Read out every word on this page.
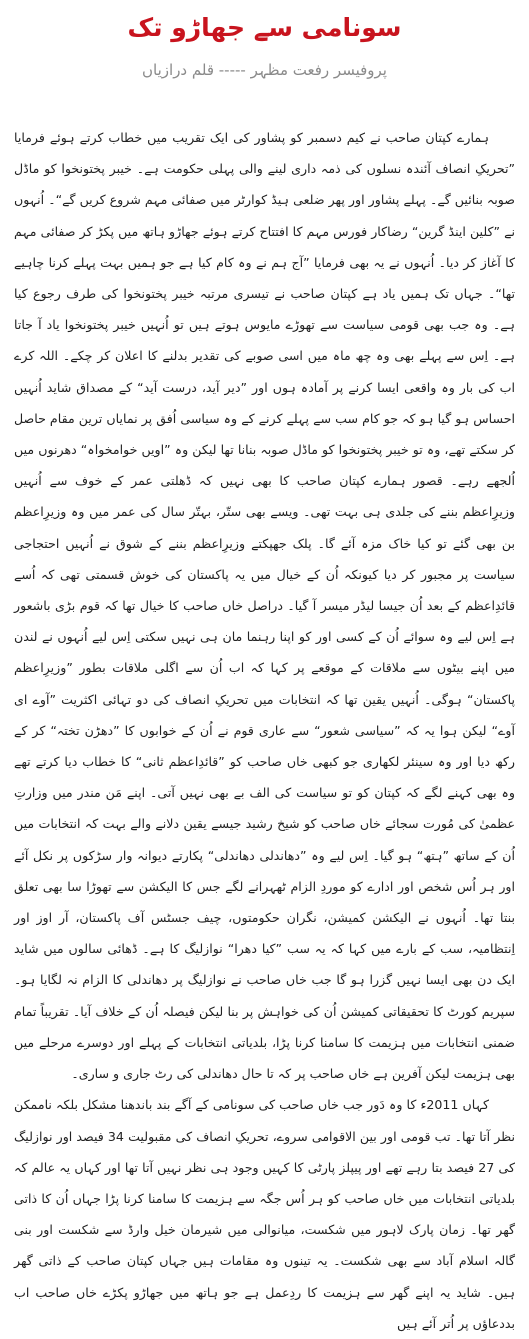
سونامی سے جھاڑو تک
پروفیسر رفعت مظہر ----- قلم درازیاں

ہمارے کپتان صاحب نے کیم دسمبر کو پشاور کی ایک تقریب میں خطاب کرتے ہوئے فرمایا ”تحریکِ انصاف آئندہ نسلوں کی ذمہ داری لینے والی پہلی حکومت ہے۔ خیبر پختونخوا کو ماڈل صوبہ بنائیں گے۔ پہلے پشاور اور پھر ضلعی ہیڈ کوارٹر میں صفائی مہم شروع کریں گے“۔ اُنہوں نے ”کلین اینڈ گرین“ رضاکار فورس مہم کا افتتاح کرتے ہوئے جھاڑو ہاتھ میں پکڑ کر صفائی مہم کا آغاز کر دیا۔ اُنہوں نے یہ بھی فرمایا ”آج ہم نے وہ کام کیا ہے جو ہمیں بہت پہلے کرنا چاہیے تھا“۔ جہاں تک ہمیں یاد ہے کپتان صاحب نے تیسری مرتبہ خیبر پختونخوا کی طرف رجوع کیا ہے۔ وہ جب بھی قومی سیاست سے تھوڑے مایوس ہوتے ہیں تو اُنہیں خیبر پختونخوا یاد آ جاتا ہے۔ اِس سے پہلے بھی وہ چھ ماہ میں اسی صوبے کی تقدیر بدلنے کا اعلان کر چکے۔ اللہ کرے اب کی بار وہ واقعی ایسا کرنے پر آمادہ ہوں اور ”دیر آید، درست آید“ کے مصداق شاید اُنہیں احساس ہو گیا ہو کہ جو کام سب سے پہلے کرنے کے وہ سیاسی اُفق پر نمایاں ترین مقام حاصل کر سکتے تھے، وہ تو خیبر پختونخوا کو ماڈل صوبہ بنانا تھا لیکن وہ ”اویں خوامخواہ“ دھرنوں میں اُلجھے رہے۔ قصور ہمارے کپتان صاحب کا بھی نہیں کہ ڈھلتی عمر کے خوف سے اُنہیں وزیرِاعظم بننے کی جلدی ہی بہت تھی۔ ویسے بھی ستّر، بہتّر سال کی عمر میں وہ وزیرِاعظم بن بھی گئے تو کیا خاک مزہ آئے گا۔ پلک جھپکتے وزیرِاعظم بننے کے شوق نے اُنہیں احتجاجی سیاست پر مجبور کر دیا کیونکہ اُن کے خیال میں یہ پاکستان کی خوش قسمتی تھی کہ اُسے قائدِاعظم کے بعد اُن جیسا لیڈر میسر آ گیا۔ دراصل خاں صاحب کا خیال تھا کہ قوم بڑی باشعور ہے اِس لیے وہ سوائے اُن کے کسی اور کو اپنا رہنما مان ہی نہیں سکتی اِس لیے اُنہوں نے لندن میں اپنے بیٹوں سے ملاقات کے موقعے پر کہا کہ اب اُن سے اگلی ملاقات بطور ”وزیرِاعظم پاکستان“ ہوگی۔ اُنہیں یقین تھا کہ انتخابات میں تحریکِ انصاف کی دو تہائی اکثریت ”آوے ای آوے“ لیکن ہوا یہ کہ ”سیاسی شعور“ سے عاری قوم نے اُن کے خوابوں کا ”دھڑن تختہ“ کر کے رکھ دیا اور وہ سینئر لکھاری جو کبھی خاں صاحب کو ”قائدِاعظم ثانی“ کا خطاب دیا کرتے تھے وہ بھی کہنے لگے کہ کپتان کو تو سیاست کی الف بے بھی نہیں آتی۔ اپنے مَن مندر میں وزارتِ عظمیٰ کی مُورت سجائے خاں صاحب کو شیخ رشید جیسے یقین دلانے والے بہت کہ انتخابات میں اُن کے ساتھ ”ہتھ“ ہو گیا۔ اِس لیے وہ ”دھاندلی دھاندلی“ پکارتے دیوانہ وار سڑکوں پر نکل آئے اور ہر اُس شخص اور ادارے کو موردِ الزام ٹھہرانے لگے جس کا الیکشن سے تھوڑا سا بھی تعلق بنتا تھا۔ اُنہوں نے الیکشن کمیشن، نگران حکومتوں، چیف جسٹس آف پاکستان، آر اوز اور اِنتظامیہ، سب کے بارے میں کہا کہ یہ سب ”کیا دھرا“ نوازلیگ کا ہے۔ ڈھائی سالوں میں شاید ایک دن بھی ایسا نہیں گزرا ہو گا جب خاں صاحب نے نوازلیگ پر دھاندلی کا الزام نہ لگایا ہو۔ سپریم کورٹ کا تحقیقاتی کمیشن اُن کی خواہش پر بنا لیکن فیصلہ اُن کے خلاف آیا۔ تقریباً تمام ضمنی انتخابات میں ہزیمت کا سامنا کرنا پڑا، بلدیاتی انتخابات کے پہلے اور دوسرے مرحلے میں بھی ہزیمت لیکن آفرین ہے خاں صاحب پر کہ تا حال دھاندلی کی رٹ جاری و ساری۔

کہاں 2011ء کا وہ دَور جب خاں صاحب کی سونامی کے آگے بند باندھنا مشکل بلکہ ناممکن نظر آتا تھا۔ تب قومی اور بین الاقوامی سروے، تحریکِ انصاف کی مقبولیت 34 فیصد اور نوازلیگ کی 27 فیصد بتا رہے تھے اور پیپلز پارٹی کا کہیں وجود ہی نظر نہیں آتا تھا اور کہاں یہ عالم کہ بلدیاتی انتخابات میں خاں صاحب کو ہر اُس جگہ سے ہزیمت کا سامنا کرنا پڑا جہاں اُن کا ذاتی گھر تھا۔ زمان پارک لاہور میں شکست، میانوالی میں شیرمان خیل وارڈ سے شکست اور بنی گالہ اسلام آباد سے بھی شکست۔ یہ تینوں وہ مقامات ہیں جہاں کپتان صاحب کے ذاتی گھر ہیں۔ شاید یہ اپنے گھر سے ہزیمت کا ردِعمل ہے جو ہاتھ میں جھاڑو پکڑے خاں صاحب اب بددعاؤں پر اُتر آئے ہیں
